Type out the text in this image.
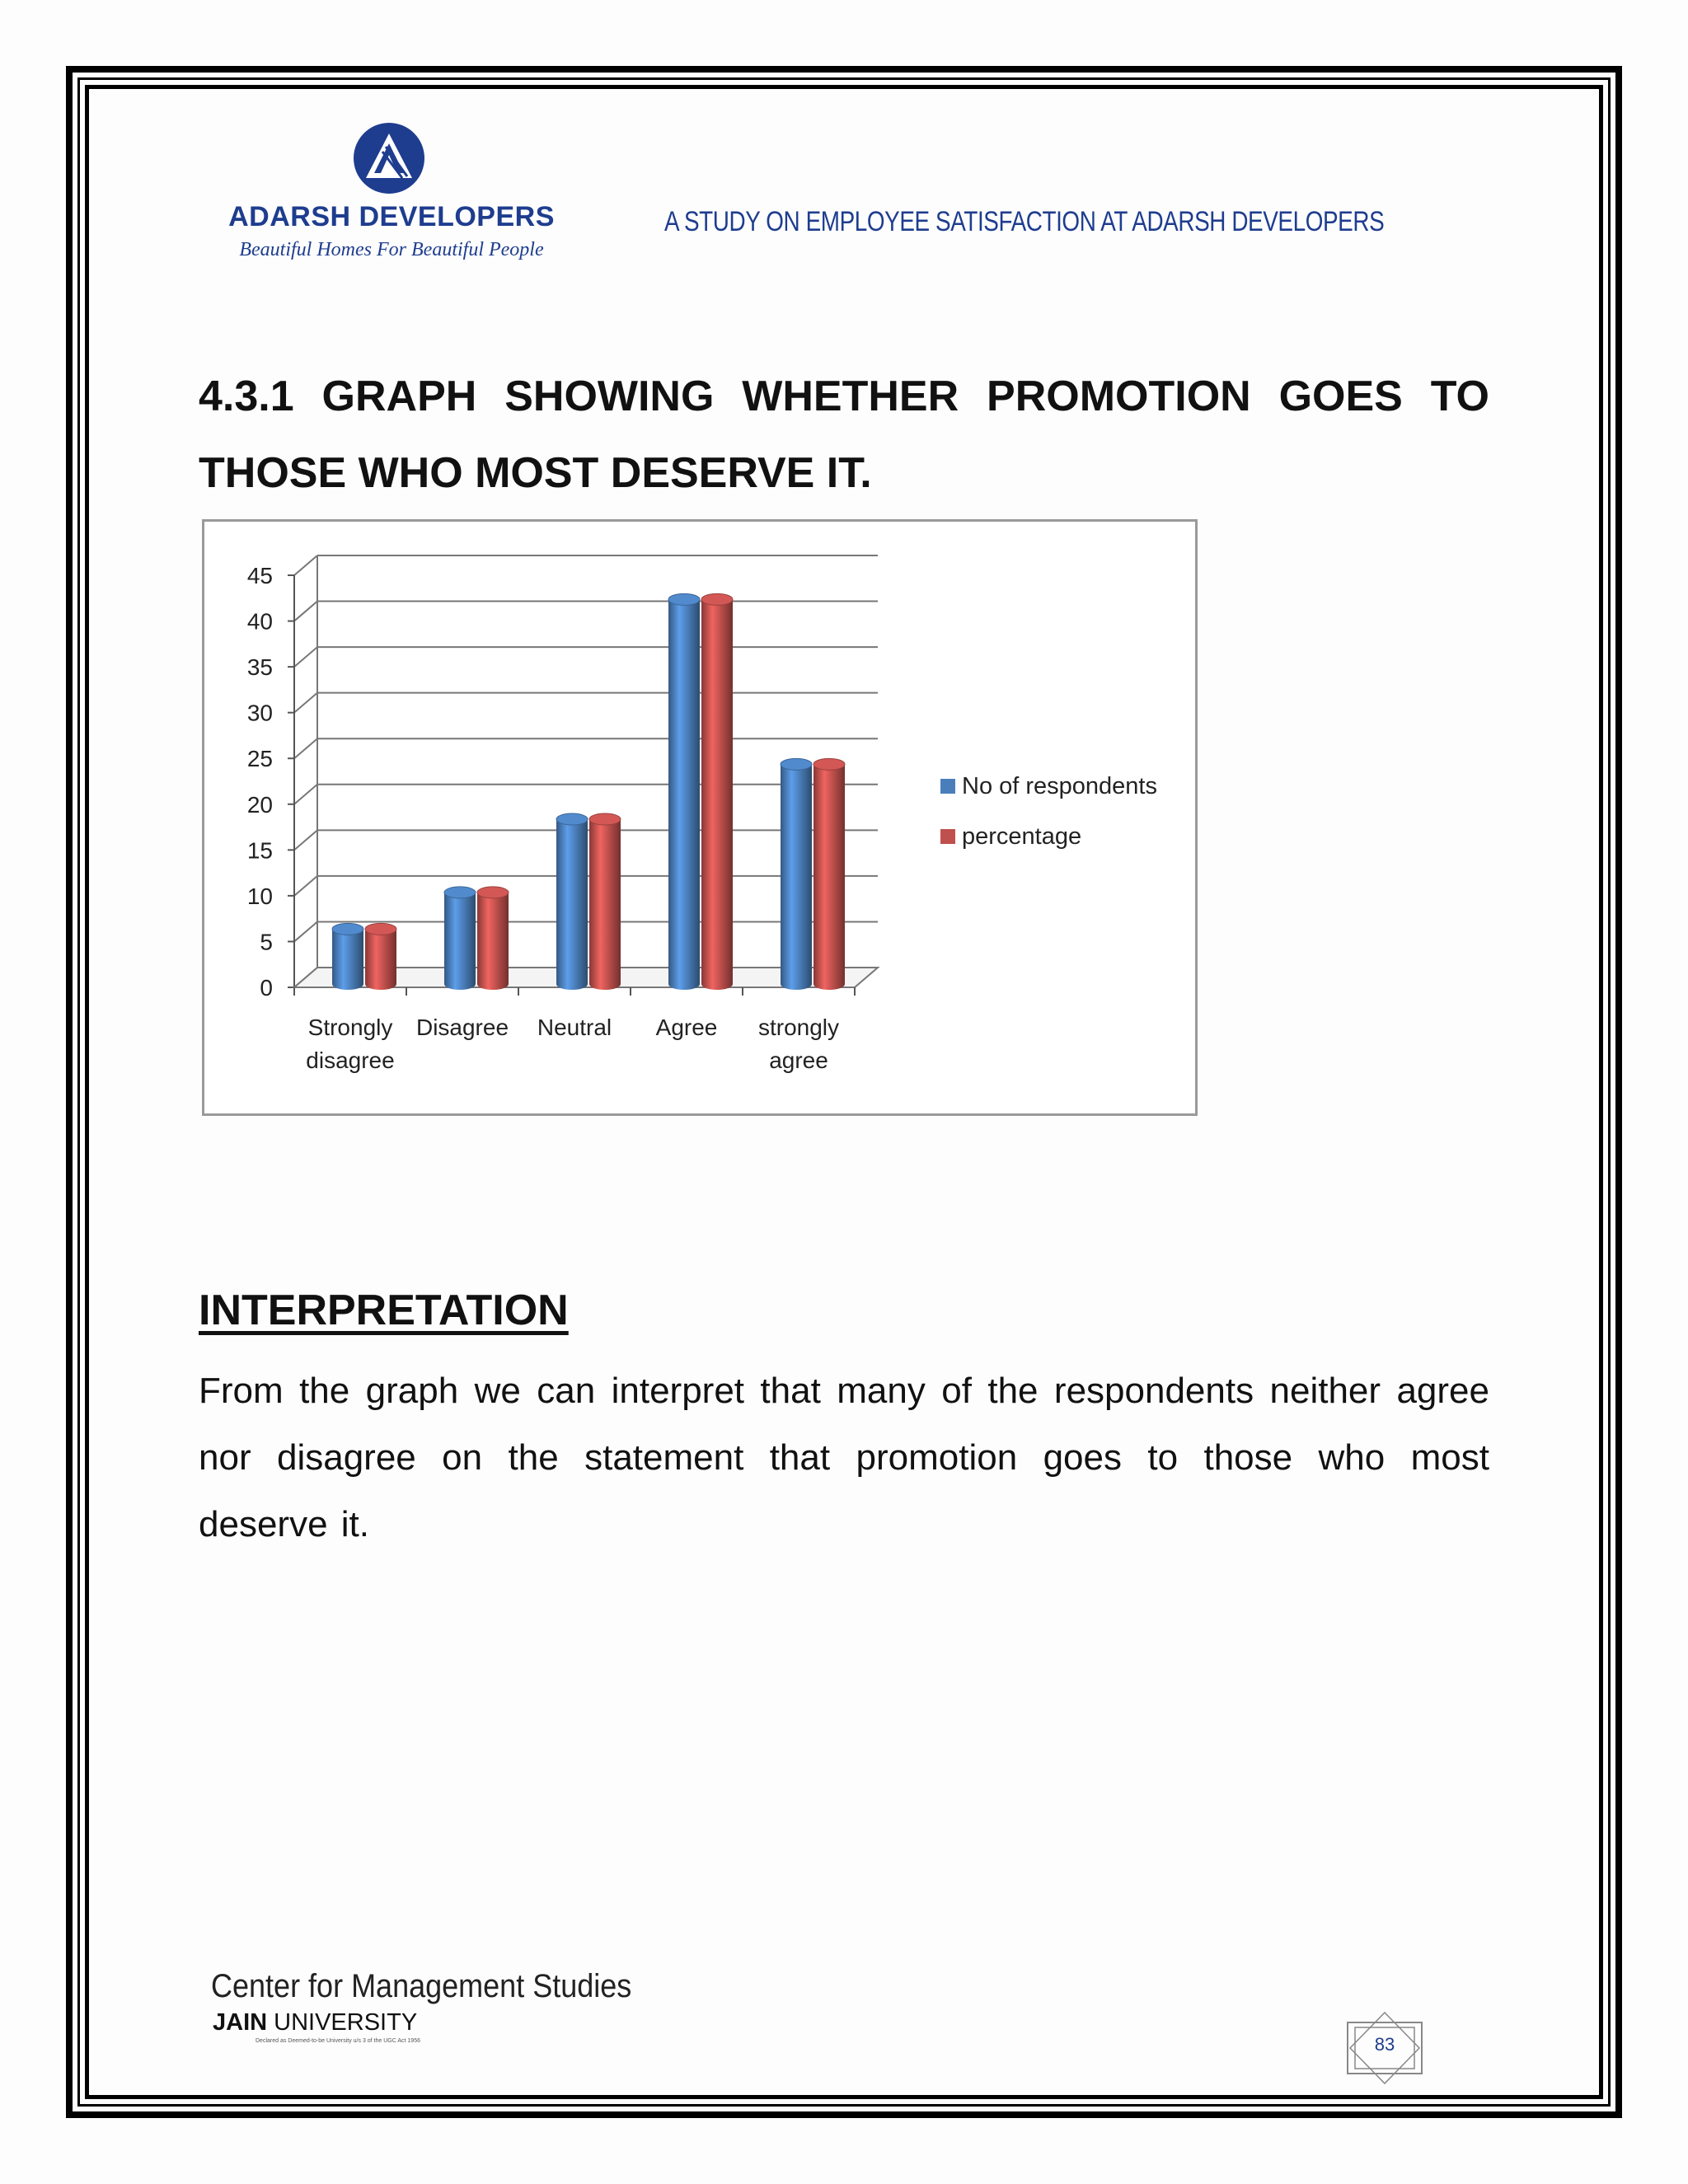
ADARSH DEVELOPERS
Beautiful Homes For Beautiful People
A STUDY ON EMPLOYEE SATISFACTION AT ADARSH DEVELOPERS
4.3.1 GRAPH SHOWING WHETHER PROMOTION GOES TO THOSE WHO MOST DESERVE IT.
0
5
10
15
20
25
30
35
40
45
Strongly
disagree
Disagree Neutral Agree strongly
agree
No of respondents
percentage
INTERPRETATION
From the graph we can interpret that many of the respondents neither agree nor disagree on the statement that promotion goes to those who most deserve it.
Center for Management Studies
JAIN UNIVERSITY
Declared as Deemed-to-be University u/s 3 of the UGC Act 1956	83
